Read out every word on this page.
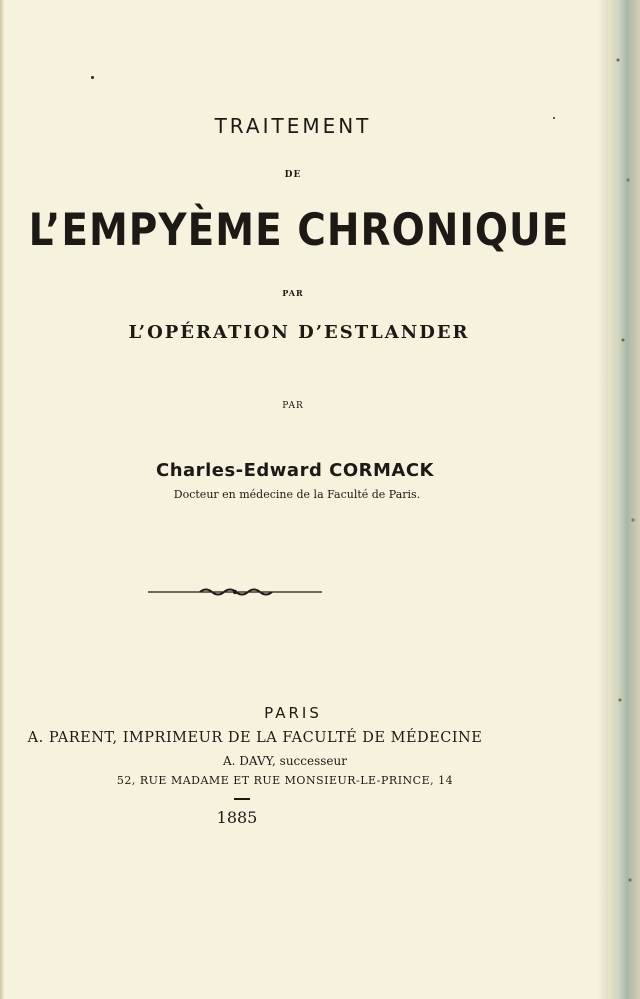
TRAITEMENT
DE
L’EMPYÈME CHRONIQUE
PAR
L’OPÉRATION D’ESTLANDER
PAR
Charles-Edward CORMACK
Docteur en médecine de la Faculté de Paris.
PARIS
A. PARENT, IMPRIMEUR DE LA FACULTÉ DE MÉDECINE
A. DAVY, successeur
52, RUE MADAME ET RUE MONSIEUR-LE-PRINCE, 14
1885
